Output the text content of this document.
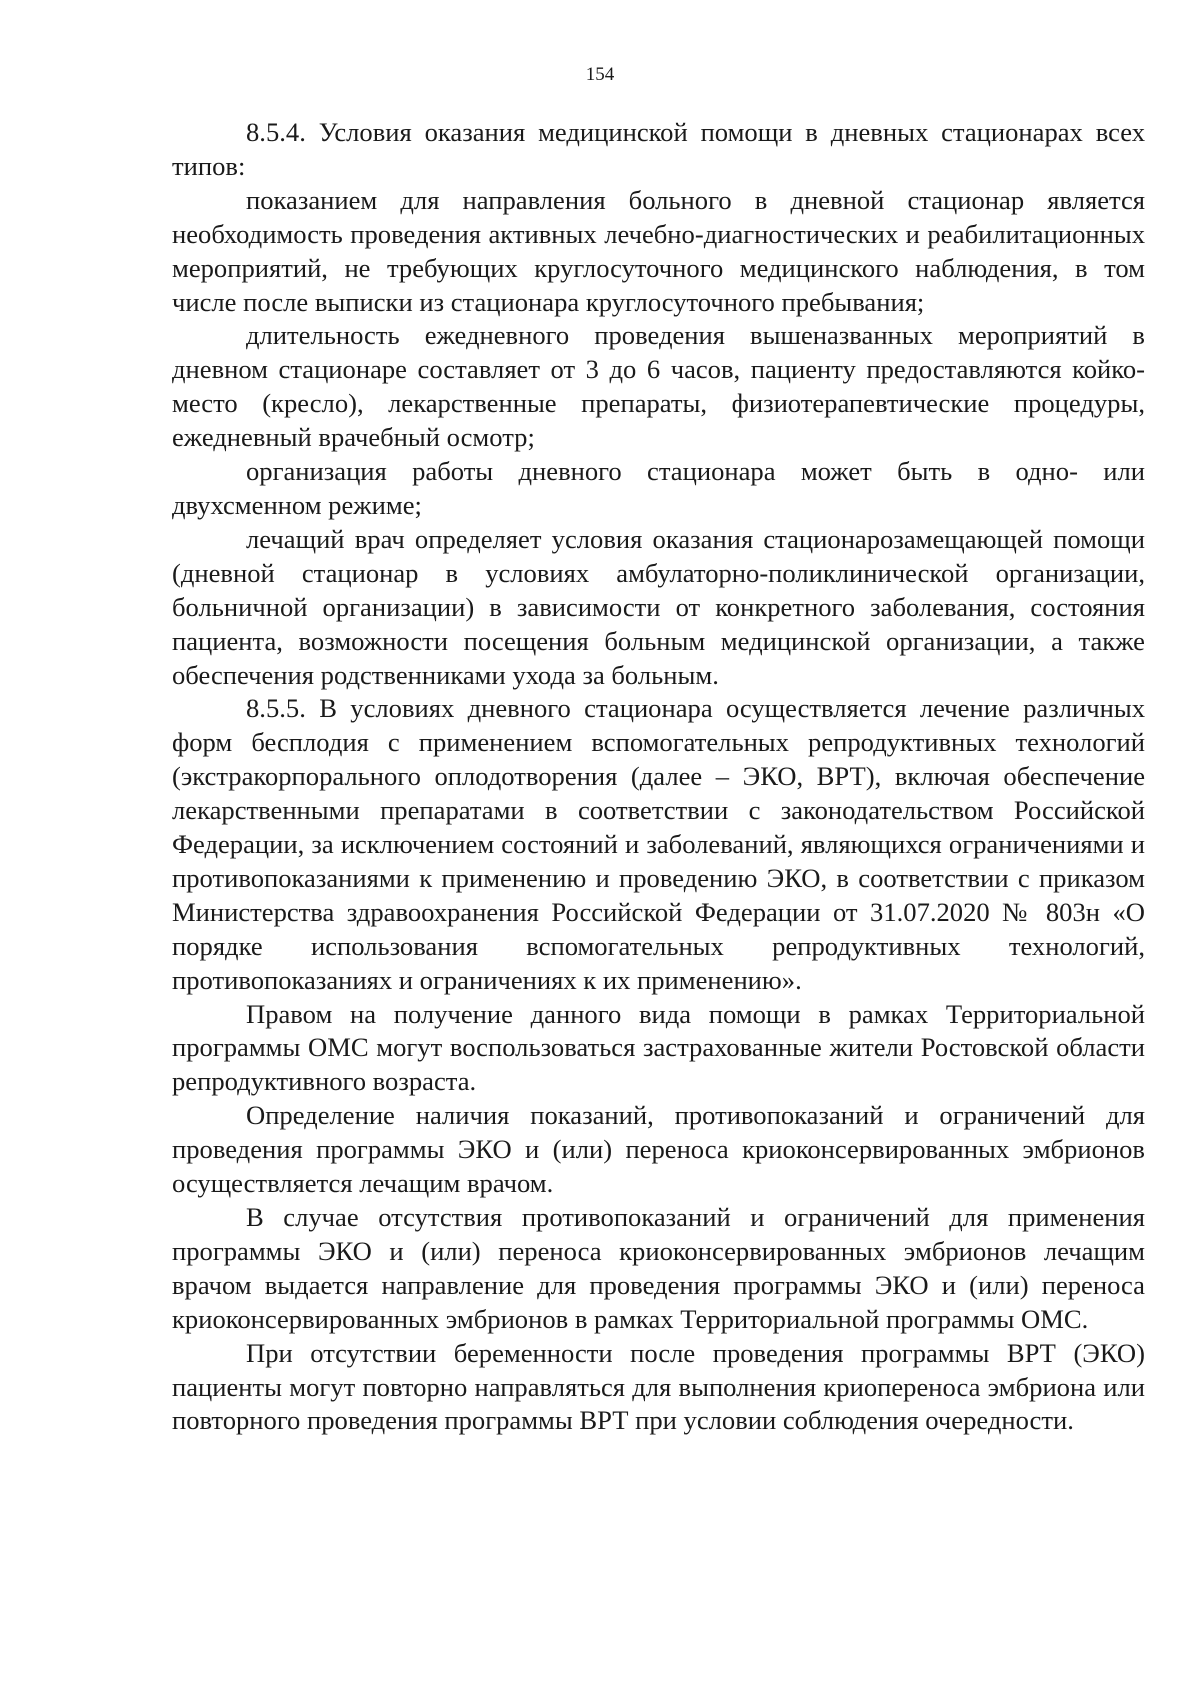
154

8.5.4. Условия оказания медицинской помощи в дневных стационарах всех типов:

показанием для направления больного в дневной стационар является необходимость проведения активных лечебно-диагностических и реабилитационных мероприятий, не требующих круглосуточного медицинского наблюдения, в том числе после выписки из стационара круглосуточного пребывания;

длительность ежедневного проведения вышеназванных мероприятий в дневном стационаре составляет от 3 до 6 часов, пациенту предоставляются койко-место (кресло), лекарственные препараты, физиотерапевтические процедуры, ежедневный врачебный осмотр;

организация работы дневного стационара может быть в одно- или двухсменном режиме;

лечащий врач определяет условия оказания стационарозамещающей помощи (дневной стационар в условиях амбулаторно-поликлинической организации, больничной организации) в зависимости от конкретного заболевания, состояния пациента, возможности посещения больным медицинской организации, а также обеспечения родственниками ухода за больным.

8.5.5. В условиях дневного стационара осуществляется лечение различных форм бесплодия с применением вспомогательных репродуктивных технологий (экстракорпорального оплодотворения (далее – ЭКО, ВРТ), включая обеспечение лекарственными препаратами в соответствии с законодательством Российской Федерации, за исключением состояний и заболеваний, являющихся ограничениями и противопоказаниями к применению и проведению ЭКО, в соответствии с приказом Министерства здравоохранения Российской Федерации от 31.07.2020 № 803н «О порядке использования вспомогательных репродуктивных технологий, противопоказаниях и ограничениях к их применению».

Правом на получение данного вида помощи в рамках Территориальной программы ОМС могут воспользоваться застрахованные жители Ростовской области репродуктивного возраста.

Определение наличия показаний, противопоказаний и ограничений для проведения программы ЭКО и (или) переноса криоконсервированных эмбрионов осуществляется лечащим врачом.

В случае отсутствия противопоказаний и ограничений для применения программы ЭКО и (или) переноса криоконсервированных эмбрионов лечащим врачом выдается направление для проведения программы ЭКО и (или) переноса криоконсервированных эмбрионов в рамках Территориальной программы ОМС.

При отсутствии беременности после проведения программы ВРТ (ЭКО) пациенты могут повторно направляться для выполнения криопереноса эмбриона или повторного проведения программы ВРТ при условии соблюдения очередности.
